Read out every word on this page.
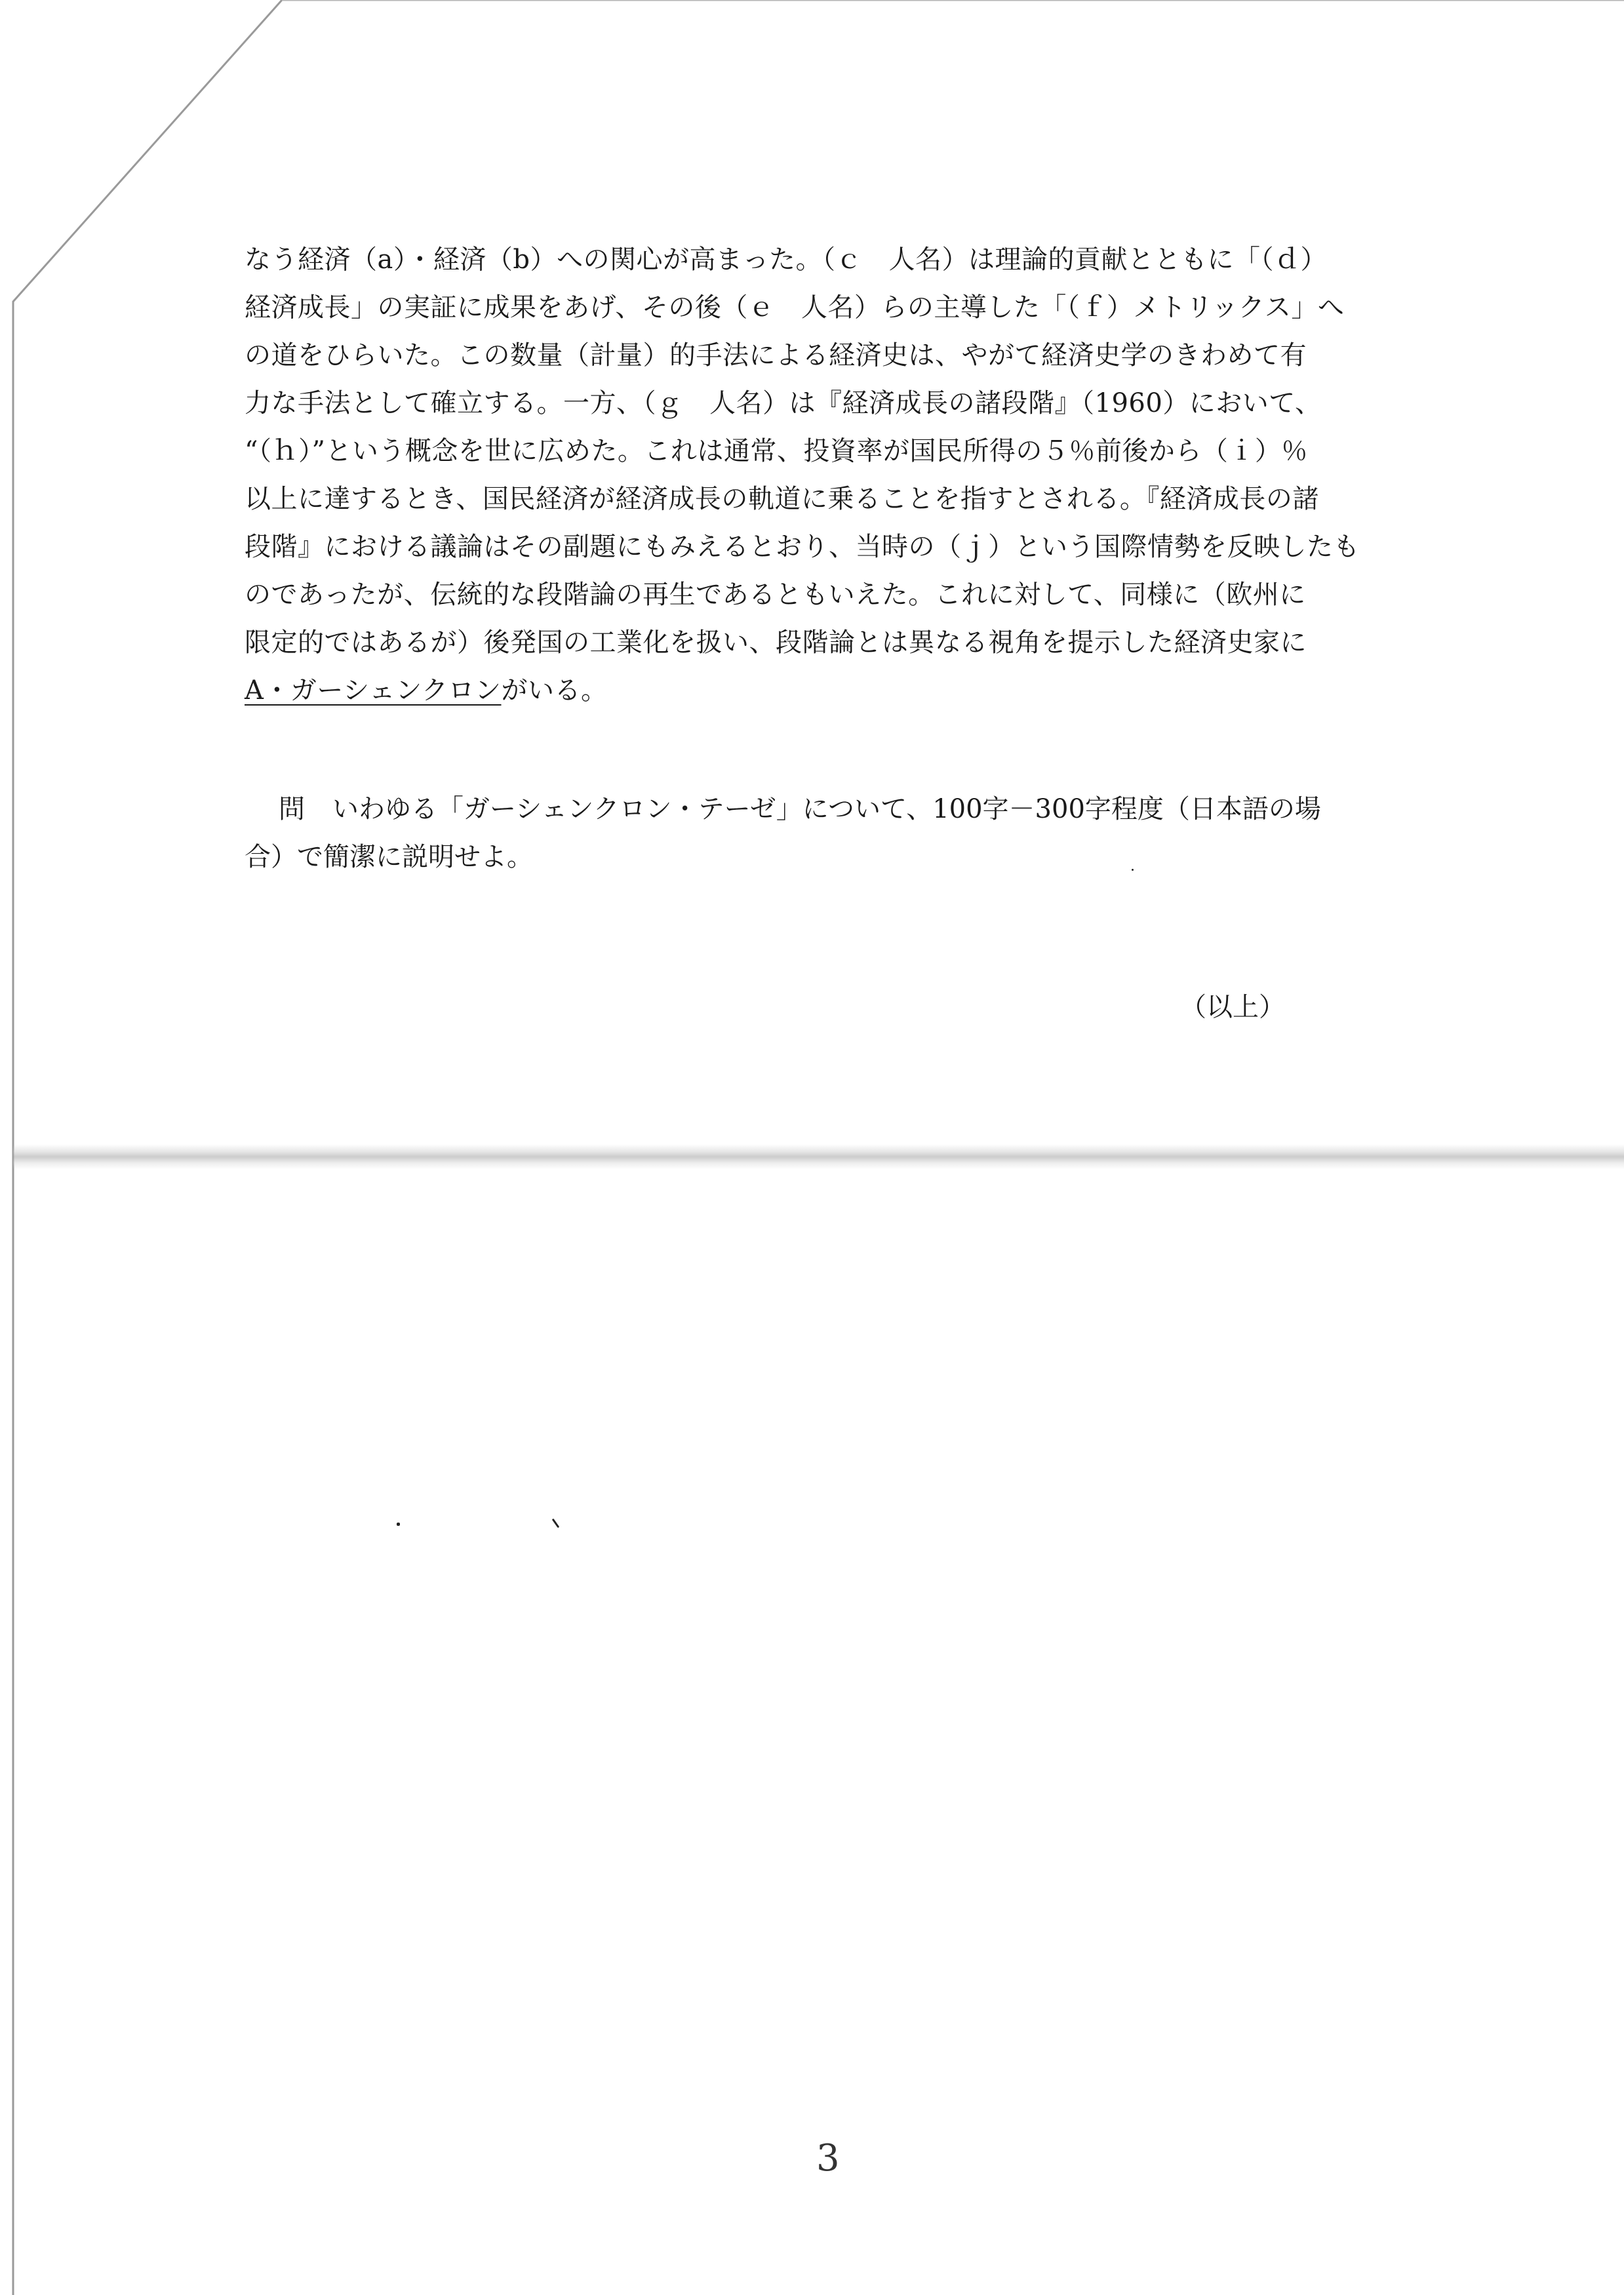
なう経済（a）・経済（b）への関心が高まった。（ｃ　人名）は理論的貢献とともに「（ｄ）
経済成長」の実証に成果をあげ、その後（ｅ　人名）らの主導した「（ｆ）メトリックス」へ
の道をひらいた。この数量（計量）的手法による経済史は、やがて経済史学のきわめて有
力な手法として確立する。一方、（ｇ　人名）は『経済成長の諸段階』（1960）において、
“（ｈ）”という概念を世に広めた。これは通常、投資率が国民所得の５％前後から（ｉ）％
以上に達するとき、国民経済が経済成長の軌道に乗ることを指すとされる。『経済成長の諸
段階』における議論はその副題にもみえるとおり、当時の（ｊ）という国際情勢を反映したも
のであったが、伝統的な段階論の再生であるともいえた。これに対して、同様に（欧州に
限定的ではあるが）後発国の工業化を扱い、段階論とは異なる視角を提示した経済史家に
A・ガーシェンクロンがいる。
問 いわゆる「ガーシェンクロン・テーゼ」について、100字－300字程度（日本語の場
合）で簡潔に説明せよ。
（以上）
3
